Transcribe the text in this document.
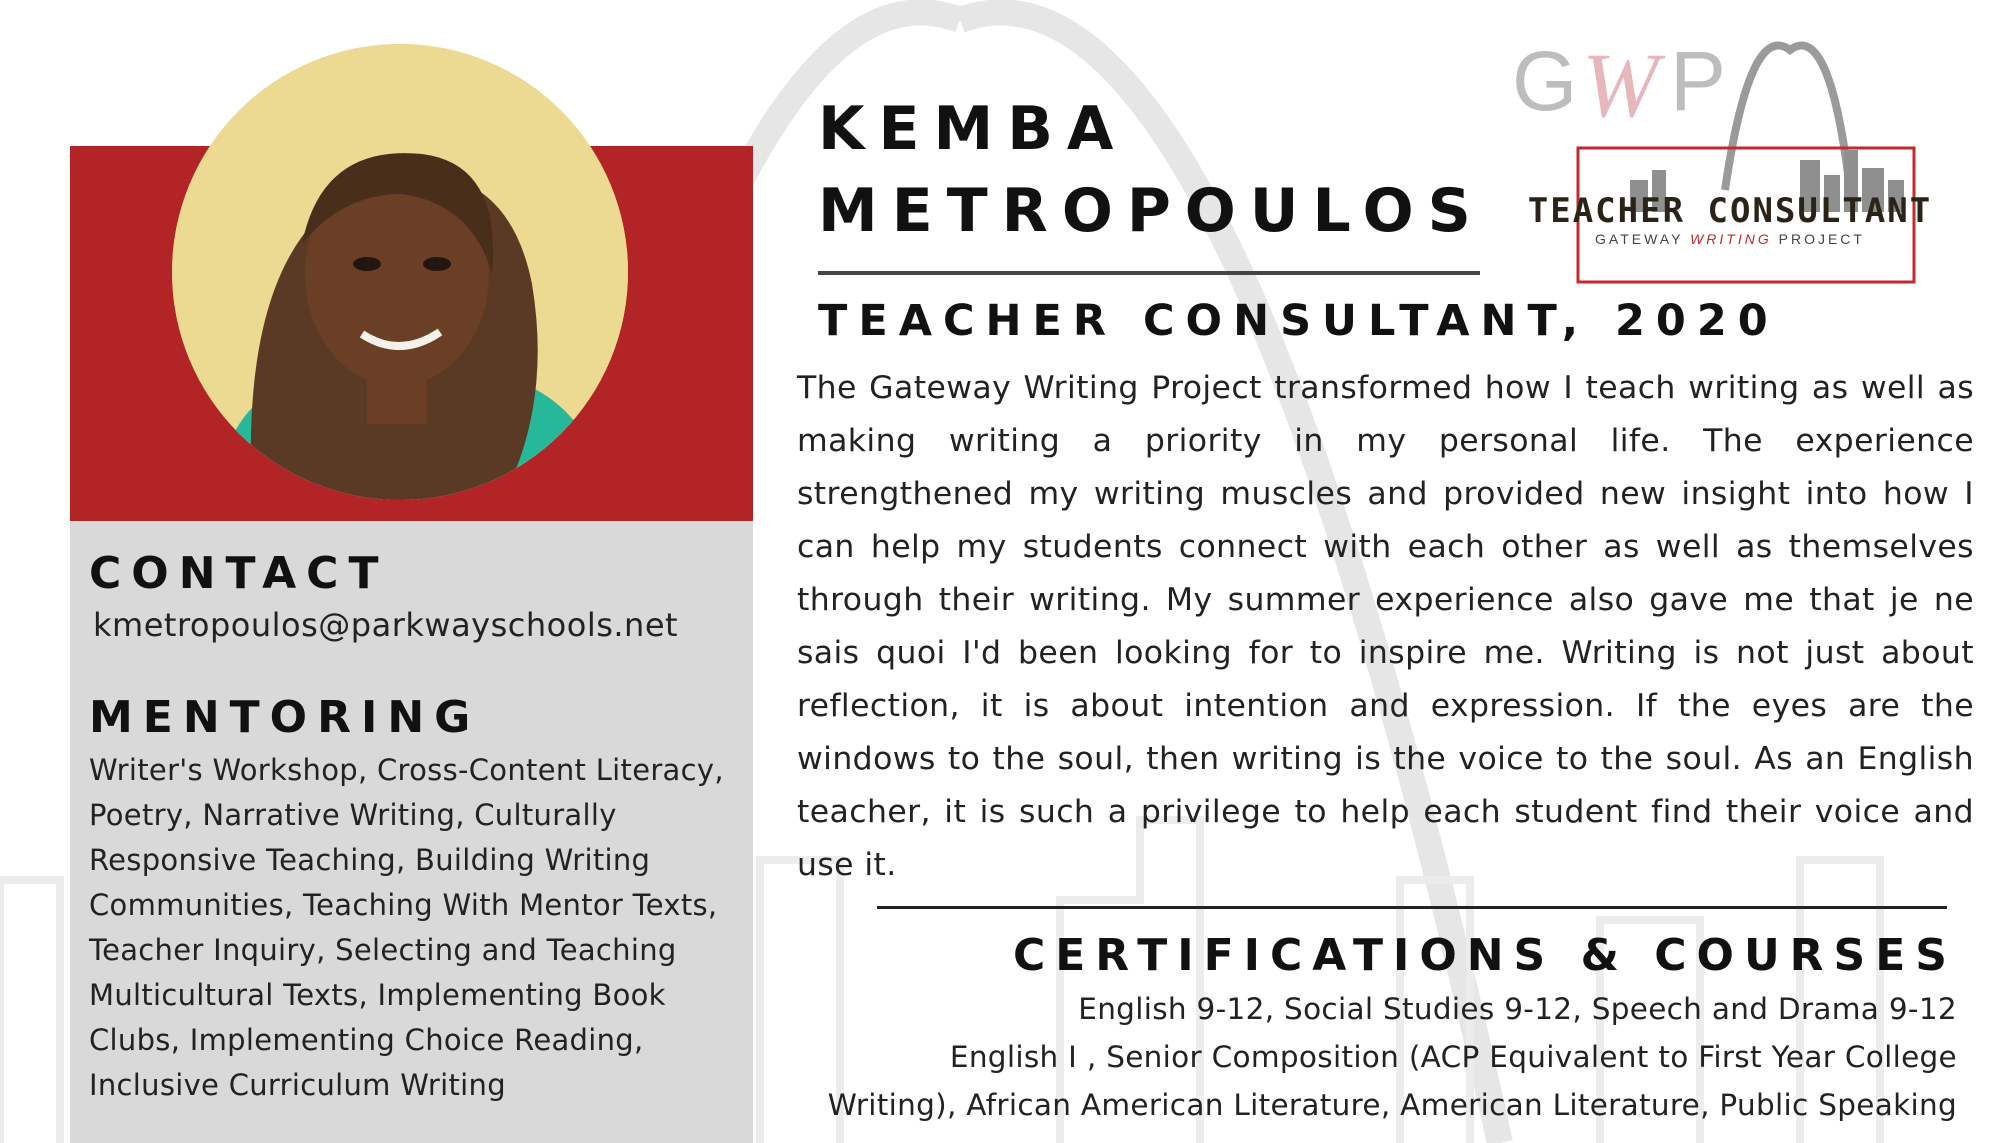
CONTACT
kmetropoulos@parkwayschools.net
MENTORING
Writer's Workshop, Cross-Content Literacy, Poetry, Narrative Writing, Culturally Responsive Teaching, Building Writing Communities, Teaching With Mentor Texts, Teacher Inquiry, Selecting and Teaching Multicultural Texts, Implementing Book Clubs, Implementing Choice Reading, Inclusive Curriculum Writing
KEMBA
METROPOULOS
TEACHER CONSULTANT, 2020
The Gateway Writing Project transformed how I teach writing as well as making writing a priority in my personal life. The experience strengthened my writing muscles and provided new insight into how I can help my students connect with each other as well as themselves through their writing. My summer experience also gave me that je ne sais quoi I'd been looking for to inspire me. Writing is not just about reflection, it is about intention and expression. If the eyes are the windows to the soul, then writing is the voice to the soul. As an English teacher, it is such a privilege to help each student find their voice and use it.
CERTIFICATIONS & COURSES
English 9-12, Social Studies 9-12, Speech and Drama 9-12
English I , Senior Composition (ACP Equivalent to First Year College
Writing), African American Literature, American Literature, Public Speaking
G W P
TEACHER CONSULTANT
GATEWAY WRITING PROJECT
